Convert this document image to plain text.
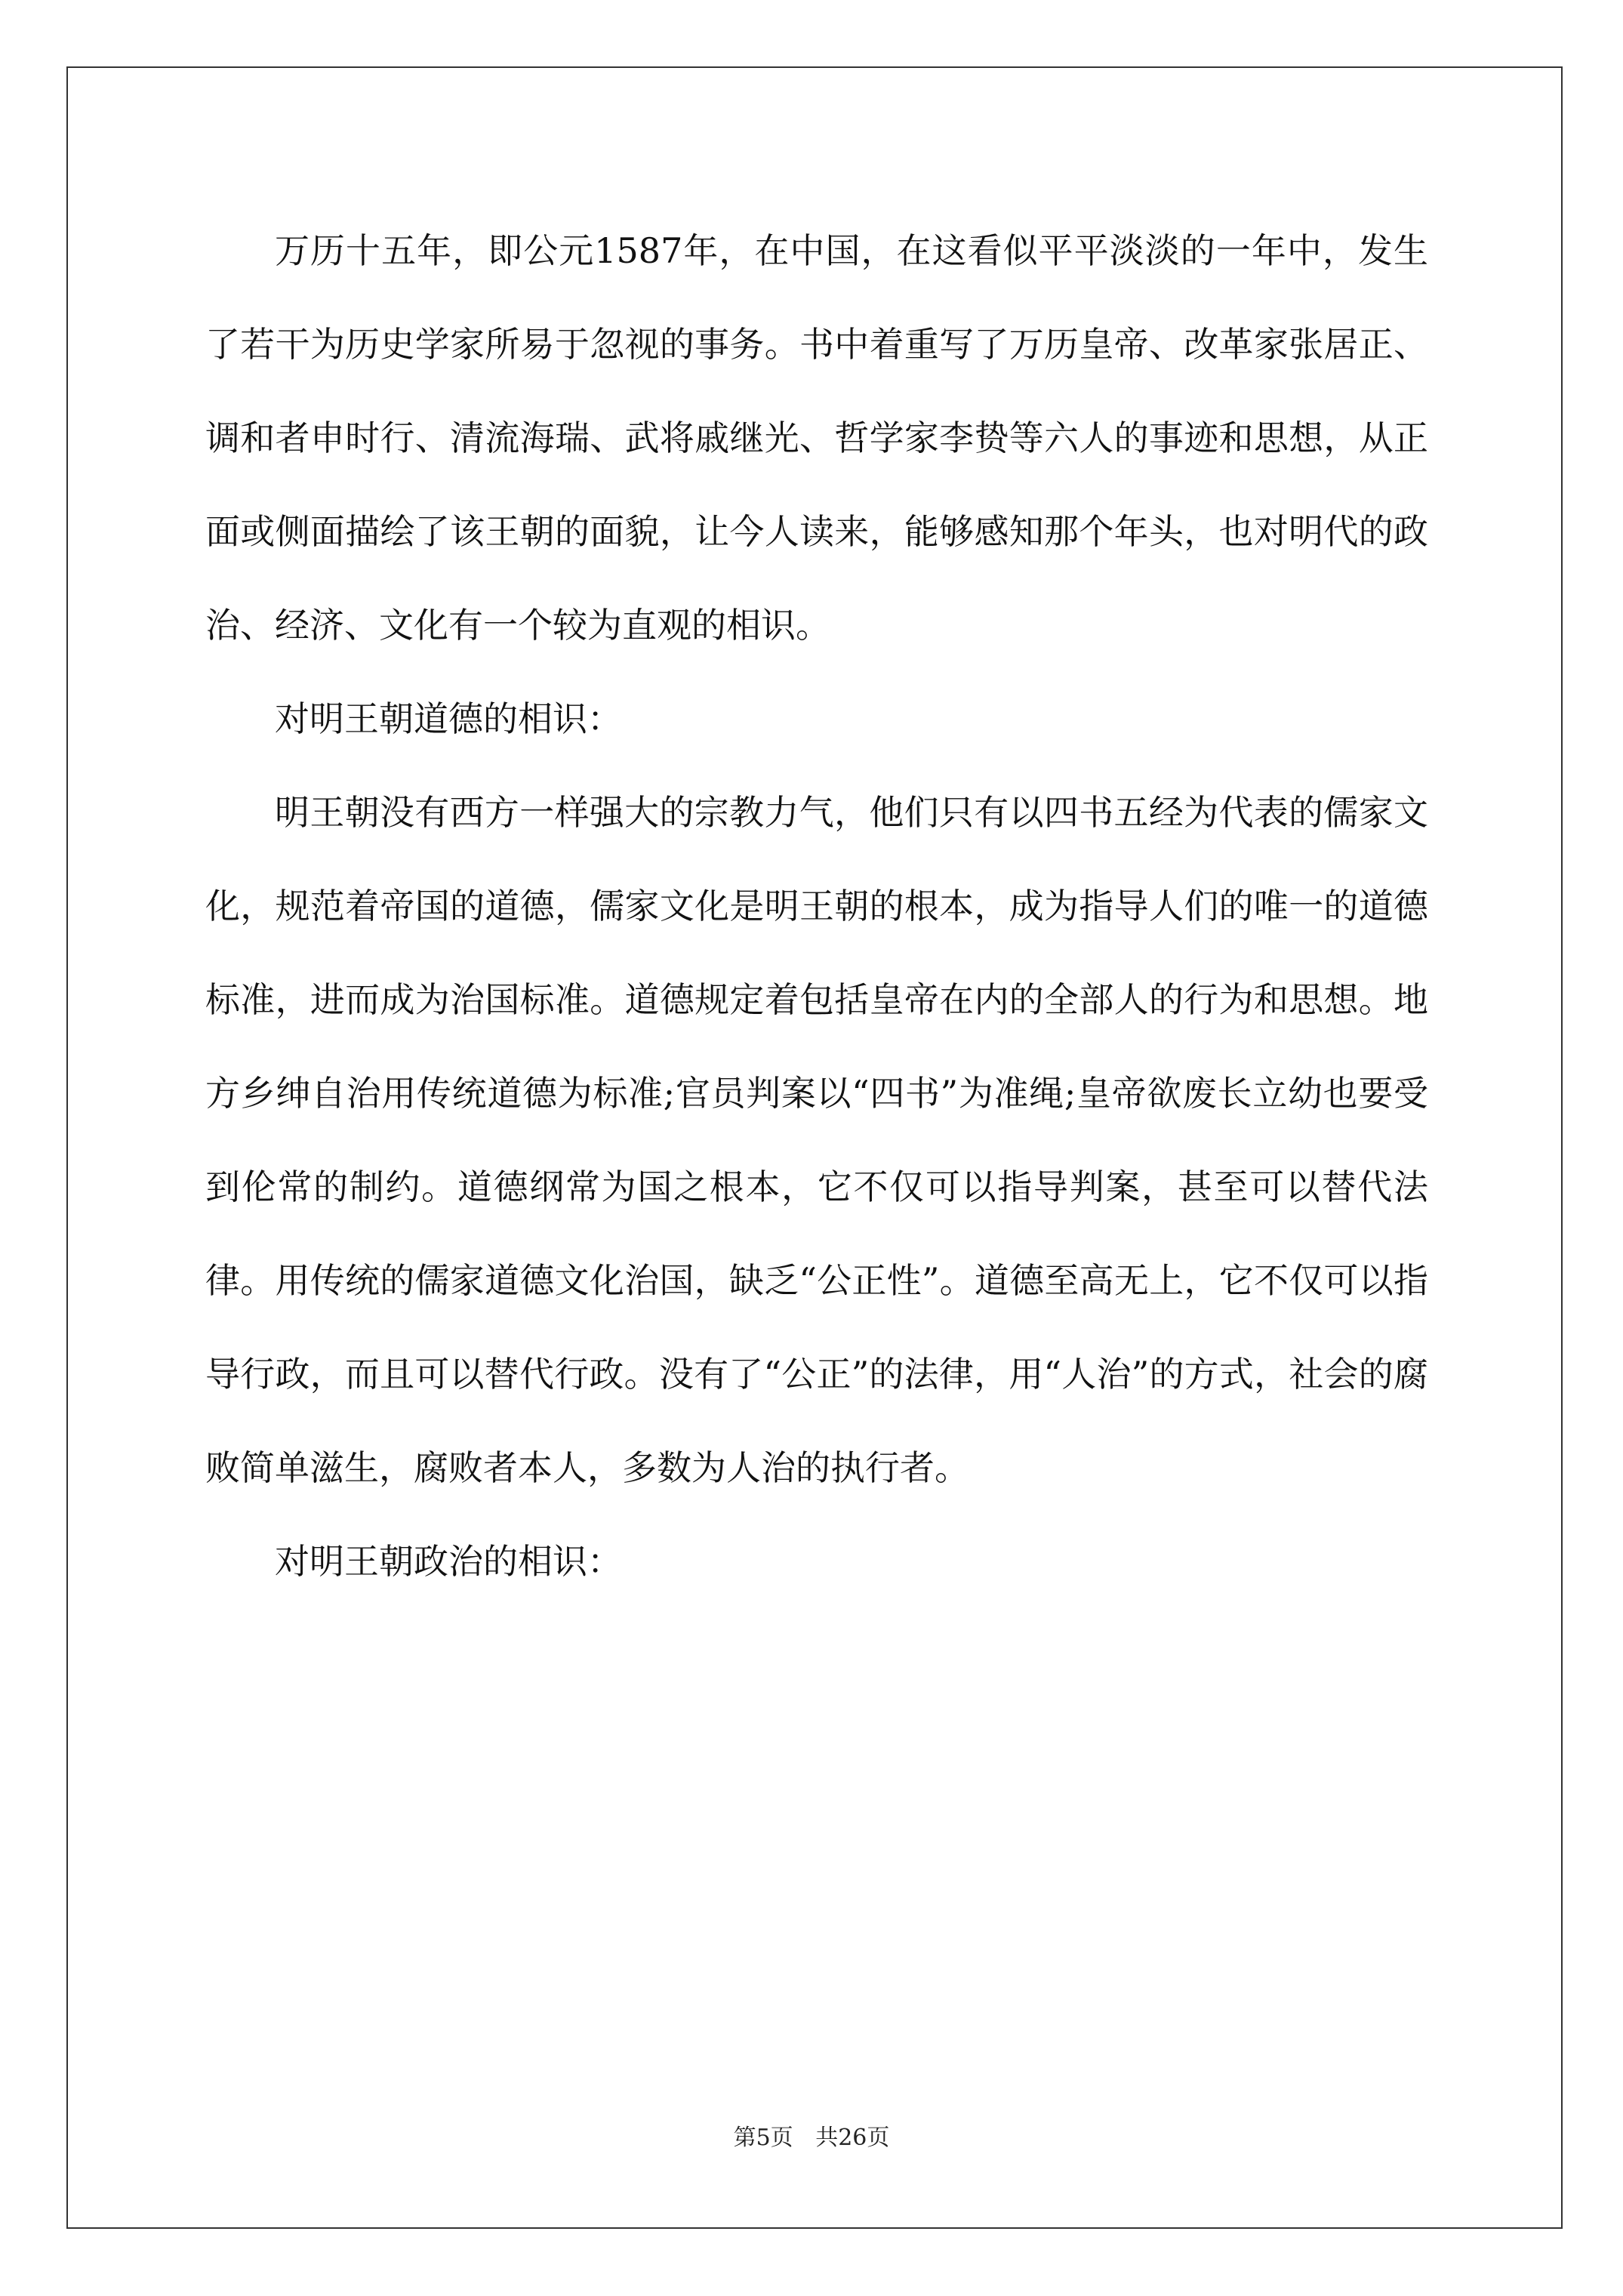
万历十五年，即公元1587年，在中国，在这看似平平淡淡的一年中，发生了若干为历史学家所易于忽视的事务。书中着重写了万历皇帝、改革家张居正、调和者申时行、清流海瑞、武将戚继光、哲学家李贽等六人的事迹和思想，从正面或侧面描绘了该王朝的面貌，让今人读来，能够感知那个年头，也对明代的政治、经济、文化有一个较为直观的相识。

对明王朝道德的相识：

明王朝没有西方一样强大的宗教力气，他们只有以四书五经为代表的儒家文化，规范着帝国的道德，儒家文化是明王朝的根本，成为指导人们的唯一的道德标准，进而成为治国标准。道德规定着包括皇帝在内的全部人的行为和思想。地方乡绅自治用传统道德为标准;官员判案以“四书”为准绳;皇帝欲废长立幼也要受到伦常的制约。道德纲常为国之根本，它不仅可以指导判案，甚至可以替代法律。用传统的儒家道德文化治国，缺乏“公正性”。道德至高无上，它不仅可以指导行政，而且可以替代行政。没有了“公正”的法律，用“人治”的方式，社会的腐败简单滋生，腐败者本人，多数为人治的执行者。

对明王朝政治的相识：

第5页 共26页
